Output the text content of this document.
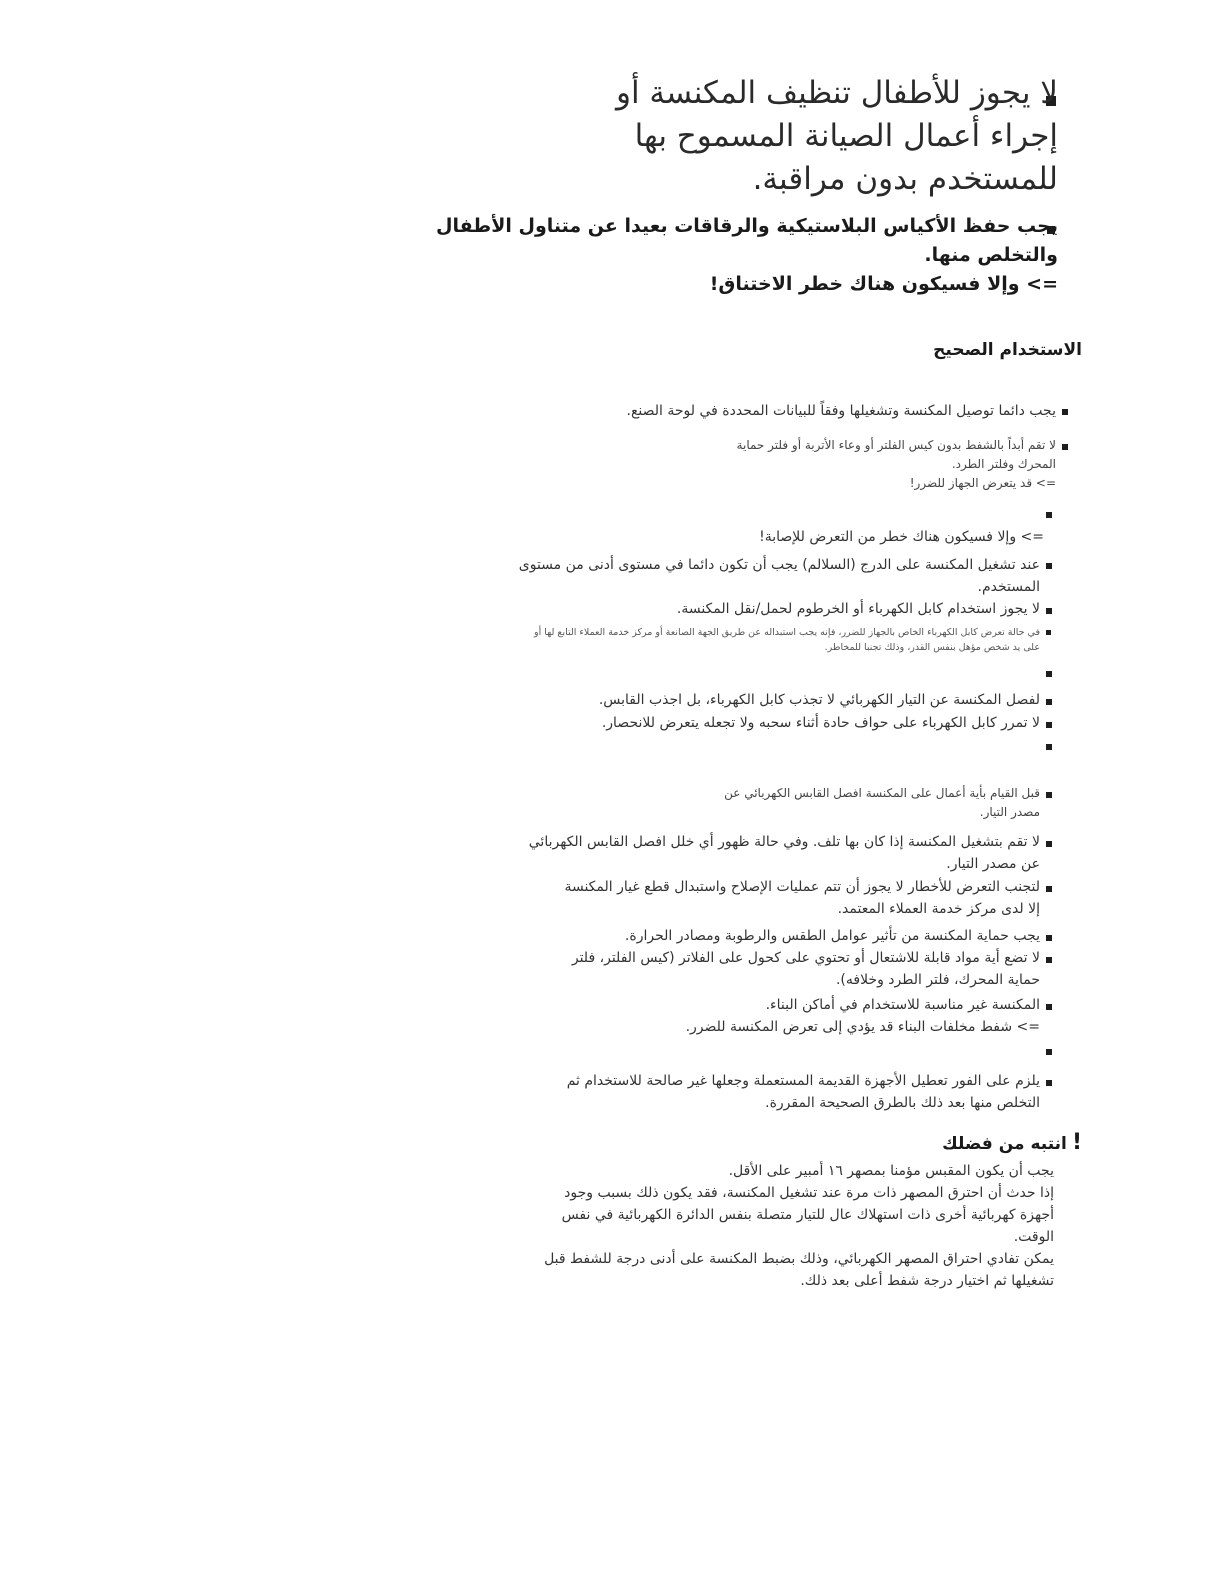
لا يجوز للأطفال تنظيف المكنسة أو
إجراء أعمال الصيانة المسموح بها
للمستخدم بدون مراقبة.
يجب حفظ الأكياس البلاستيكية والرقاقات بعيدا عن متناول الأطفال
والتخلص منها.
=> وإلا فسيكون هناك خطر الاختناق!
الاستخدام الصحيح
يجب دائما توصيل المكنسة وتشغيلها وفقاً للبيانات المحددة في لوحة الصنع.
لا تقم أبداً بالشفط بدون كيس الفلتر أو وعاء الأتربة أو فلتر حماية
المحرك وفلتر الطرد.
=> قد يتعرض الجهاز للضرر!
=> وإلا فسيكون هناك خطر من التعرض للإصابة!
عند تشغيل المكنسة على الدرج (السلالم) يجب أن تكون دائما في مستوى أدنى من مستوى
المستخدم.
لا يجوز استخدام كابل الكهرباء أو الخرطوم لحمل/نقل المكنسة.
في حالة تعرض كابل الكهرباء الخاص بالجهاز للضرر، فإنه يجب استبداله عن طريق الجهة الصانعة أو مركز خدمة العملاء التابع لها أو
على يد شخص مؤهل بنفس القدر، وذلك تجنبا للمخاطر.
لفصل المكنسة عن التيار الكهربائي لا تجذب كابل الكهرباء، بل اجذب القابس.
لا تمرر كابل الكهرباء على حواف حادة أثناء سحبه ولا تجعله يتعرض للانحصار.
قبل القيام بأية أعمال على المكنسة افصل القابس الكهربائي عن
مصدر التيار.
لا تقم بتشغيل المكنسة إذا كان بها تلف. وفي حالة ظهور أي خلل افصل القابس الكهربائي
عن مصدر التيار.
لتجنب التعرض للأخطار لا يجوز أن تتم عمليات الإصلاح واستبدال قطع غيار المكنسة
إلا لدى مركز خدمة العملاء المعتمد.
يجب حماية المكنسة من تأثير عوامل الطقس والرطوبة ومصادر الحرارة.
لا تضع أية مواد قابلة للاشتعال أو تحتوي على كحول على الفلاتر (كيس الفلتر، فلتر
حماية المحرك، فلتر الطرد وخلافه).
المكنسة غير مناسبة للاستخدام في أماكن البناء.
=> شفط مخلفات البناء قد يؤدي إلى تعرض المكنسة للضرر.
يلزم على الفور تعطيل الأجهزة القديمة المستعملة وجعلها غير صالحة للاستخدام ثم
التخلص منها بعد ذلك بالطرق الصحيحة المقررة.
! انتبه من فضلك
يجب أن يكون المقبس مؤمنا بمصهر ١٦ أمبير على الأقل.
إذا حدث أن احترق المصهر ذات مرة عند تشغيل المكنسة، فقد يكون ذلك بسبب وجود
أجهزة كهربائية أخرى ذات استهلاك عال للتيار متصلة بنفس الدائرة الكهربائية في نفس
الوقت.
يمكن تفادي احتراق المصهر الكهربائي، وذلك بضبط المكنسة على أدنى درجة للشفط قبل
تشغيلها ثم اختيار درجة شفط أعلى بعد ذلك.
